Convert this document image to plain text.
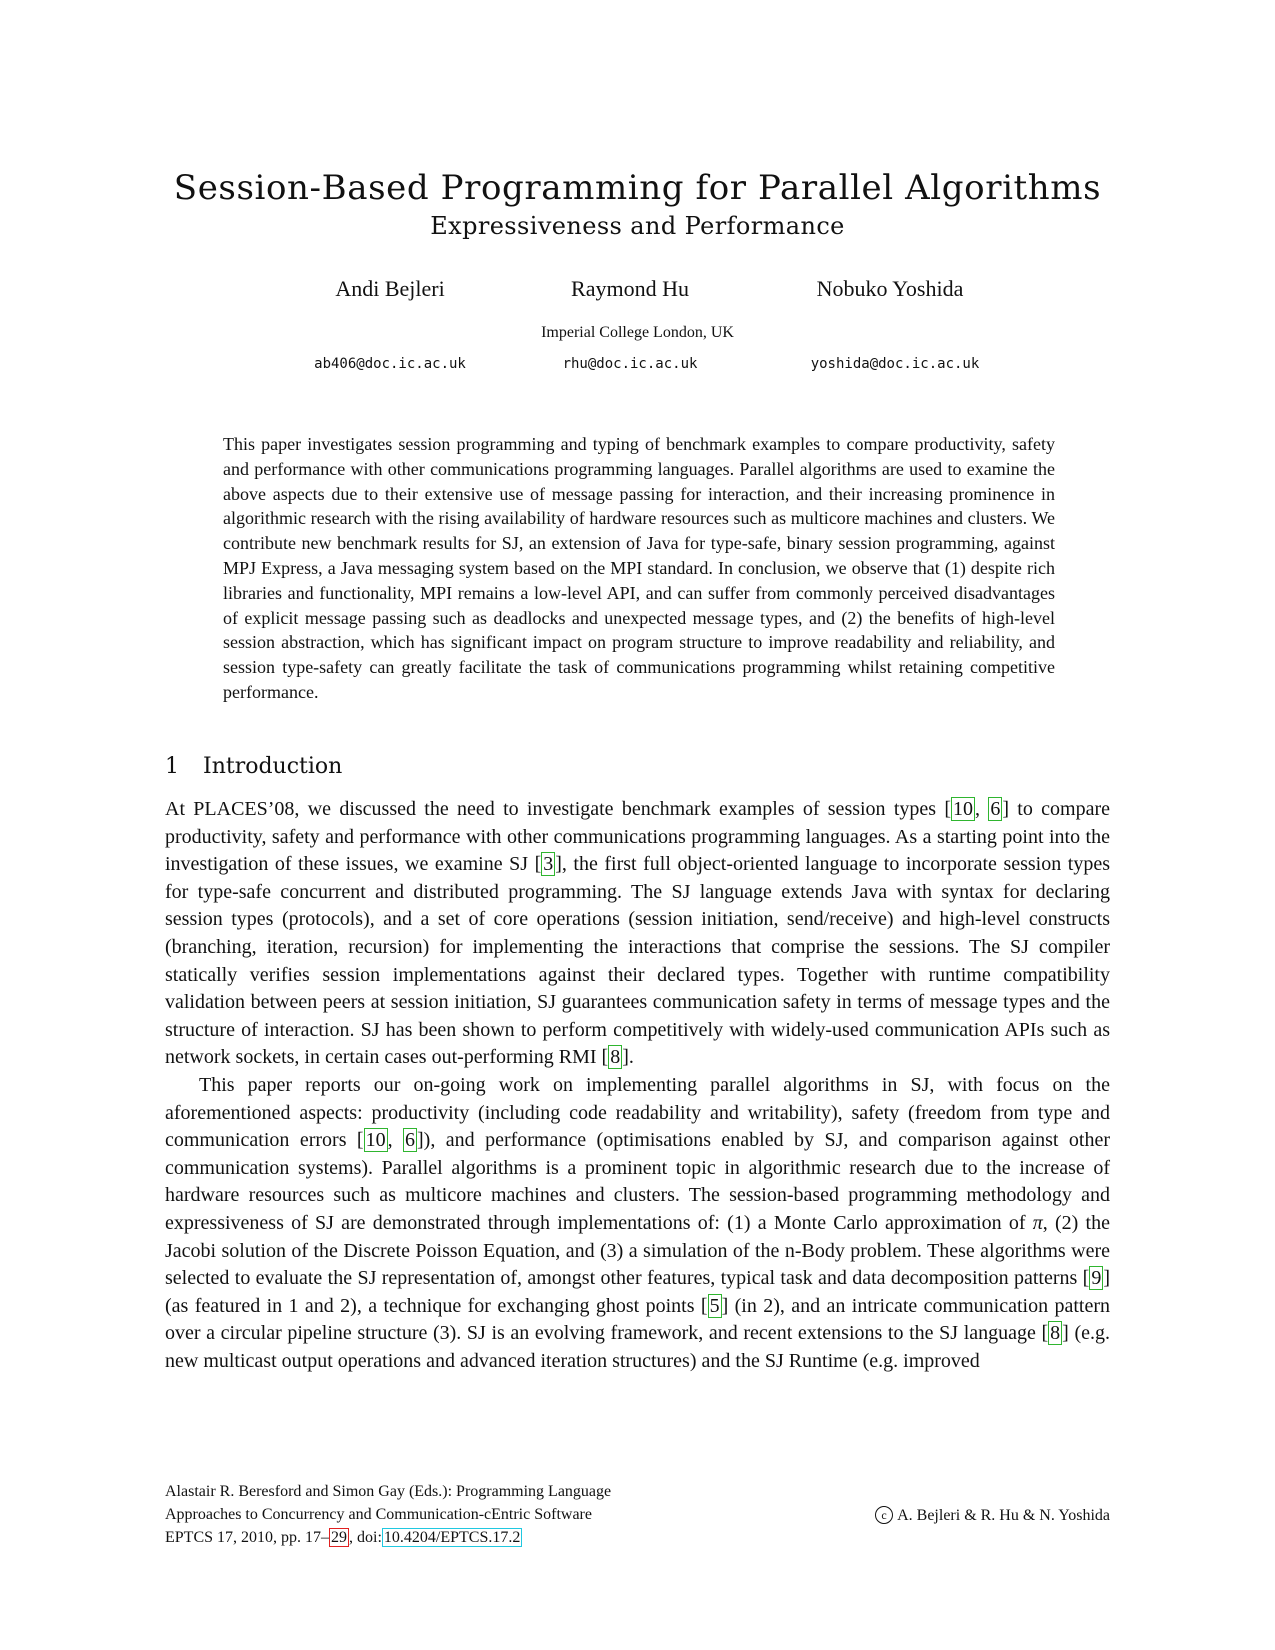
Session-Based Programming for Parallel Algorithms
Expressiveness and Performance
Andi Bejleri	Raymond Hu	Nobuko Yoshida
Imperial College London, UK
ab406@doc.ic.ac.uk	rhu@doc.ic.ac.uk	yoshida@doc.ic.ac.uk

This paper investigates session programming and typing of benchmark examples to compare productivity, safety and performance with other communications programming languages. Parallel algorithms are used to examine the above aspects due to their extensive use of message passing for interaction, and their increasing prominence in algorithmic research with the rising availability of hardware resources such as multicore machines and clusters. We contribute new benchmark results for SJ, an extension of Java for type-safe, binary session programming, against MPJ Express, a Java messaging system based on the MPI standard. In conclusion, we observe that (1) despite rich libraries and functionality, MPI remains a low-level API, and can suffer from commonly perceived disadvantages of explicit message passing such as deadlocks and unexpected message types, and (2) the benefits of high-level session abstraction, which has significant impact on program structure to improve readability and reliability, and session type-safety can greatly facilitate the task of communications programming whilst retaining competitive performance.

1 Introduction

At PLACES’08, we discussed the need to investigate benchmark examples of session types [ 10 , 6 ] to compare productivity, safety and performance with other communications programming languages. As a starting point into the investigation of these issues, we examine SJ [ 3 ], the first full object-oriented language to incorporate session types for type-safe concurrent and distributed programming. The SJ language extends Java with syntax for declaring session types (protocols), and a set of core operations (session initiation, send/receive) and high-level constructs (branching, iteration, recursion) for implementing the interactions that comprise the sessions. The SJ compiler statically verifies session implementations against their declared types. Together with runtime compatibility validation between peers at session initiation, SJ guarantees communication safety in terms of message types and the structure of interaction. SJ has been shown to perform competitively with widely-used communication APIs such as network sockets, in certain cases out-performing RMI [ 8 ].

This paper reports our on-going work on implementing parallel algorithms in SJ, with focus on the aforementioned aspects: productivity (including code readability and writability), safety (freedom from type and communication errors [ 10 , 6 ]), and performance (optimisations enabled by SJ, and comparison against other communication systems). Parallel algorithms is a prominent topic in algorithmic research due to the increase of hardware resources such as multicore machines and clusters. The session-based programming methodology and expressiveness of SJ are demonstrated through implementations of: (1) a Monte Carlo approximation of π, (2) the Jacobi solution of the Discrete Poisson Equation, and (3) a simulation of the n-Body problem. These algorithms were selected to evaluate the SJ representation of, amongst other features, typical task and data decomposition patterns [ 9 ] (as featured in 1 and 2), a technique for exchanging ghost points [ 5 ] (in 2), and an intricate communication pattern over a circular pipeline structure (3). SJ is an evolving framework, and recent extensions to the SJ language [ 8 ] (e.g. new multicast output operations and advanced iteration structures) and the SJ Runtime (e.g. improved

Alastair R. Beresford and Simon Gay (Eds.): Programming Language
Approaches to Concurrency and Communication-cEntric Software
EPTCS 17, 2010, pp. 17– 29 , doi: 10.4204/EPTCS.17.2
c A. Bejleri & R. Hu & N. Yoshida
